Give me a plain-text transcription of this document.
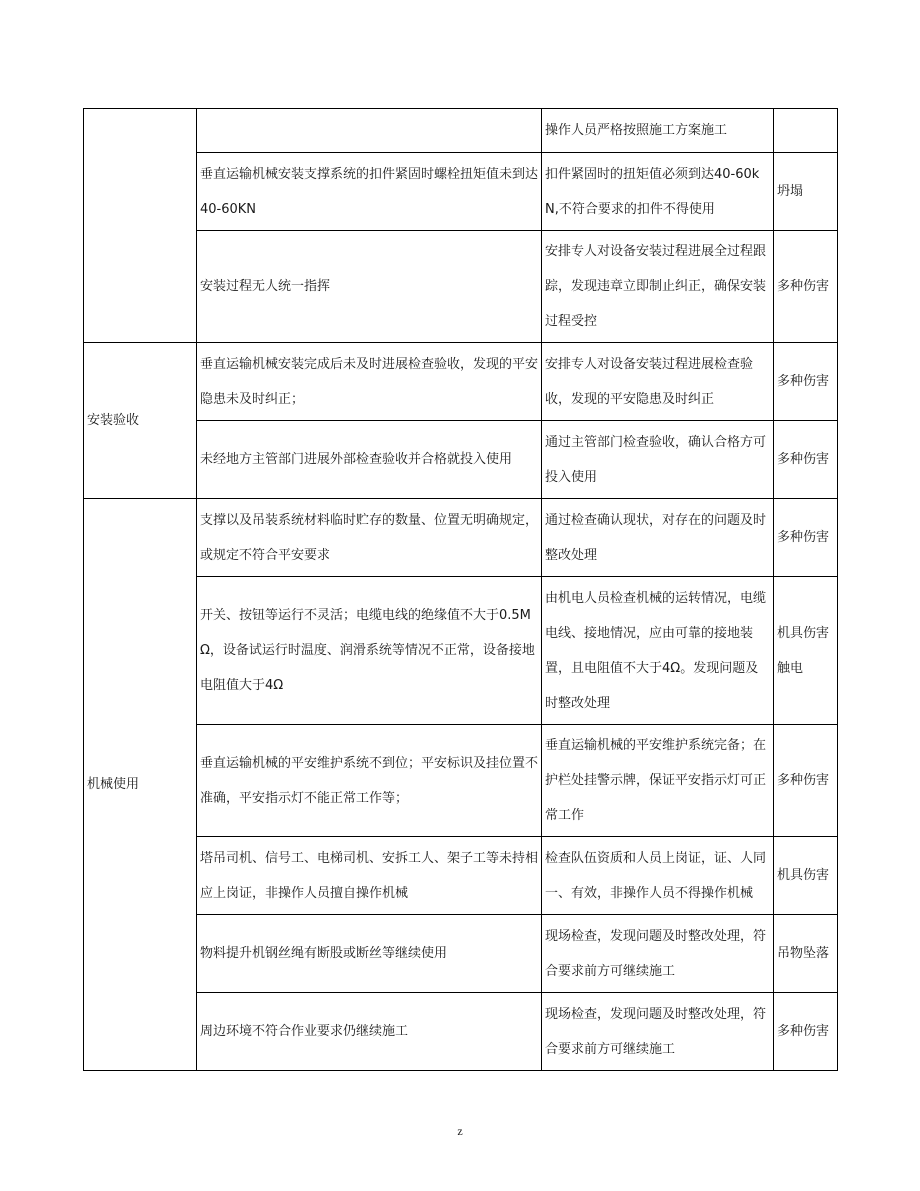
		操作人员严格按照施工方案施工	
	垂直运输机械安装支撑系统的扣件紧固时螺栓扭矩值未到达40-60KN	扣件紧固时的扭矩值必须到达40-60kN,不符合要求的扣件不得使用	坍塌
	安装过程无人统一指挥	安排专人对设备安装过程进展全过程跟踪，发现违章立即制止纠正，确保安装过程受控	多种伤害
安装验收	垂直运输机械安装完成后未及时进展检查验收，发现的平安隐患未及时纠正；	安排专人对设备安装过程进展检查验收，发现的平安隐患及时纠正	多种伤害
	未经地方主管部门进展外部检查验收并合格就投入使用	通过主管部门检查验收，确认合格方可投入使用	多种伤害
机械使用	支撑以及吊装系统材料临时贮存的数量、位置无明确规定，或规定不符合平安要求	通过检查确认现状，对存在的问题及时整改处理	多种伤害
	开关、按钮等运行不灵活；电缆电线的绝缘值不大于0.5MΩ，设备试运行时温度、润滑系统等情况不正常，设备接地电阻值大于4Ω	由机电人员检查机械的运转情况，电缆电线、接地情况，应由可靠的接地装置，且电阻值不大于4Ω。发现问题及时整改处理	机具伤害触电
	垂直运输机械的平安维护系统不到位；平安标识及挂位置不准确，平安指示灯不能正常工作等；	垂直运输机械的平安维护系统完备；在护栏处挂警示牌，保证平安指示灯可正常工作	多种伤害
	塔吊司机、信号工、电梯司机、安拆工人、架子工等未持相应上岗证，非操作人员擅自操作机械	检查队伍资质和人员上岗证，证、人同一、有效，非操作人员不得操作机械	机具伤害
	物料提升机钢丝绳有断股或断丝等继续使用	现场检查，发现问题及时整改处理，符合要求前方可继续施工	吊物坠落
	周边环境不符合作业要求仍继续施工	现场检查，发现问题及时整改处理，符合要求前方可继续施工	多种伤害
z
